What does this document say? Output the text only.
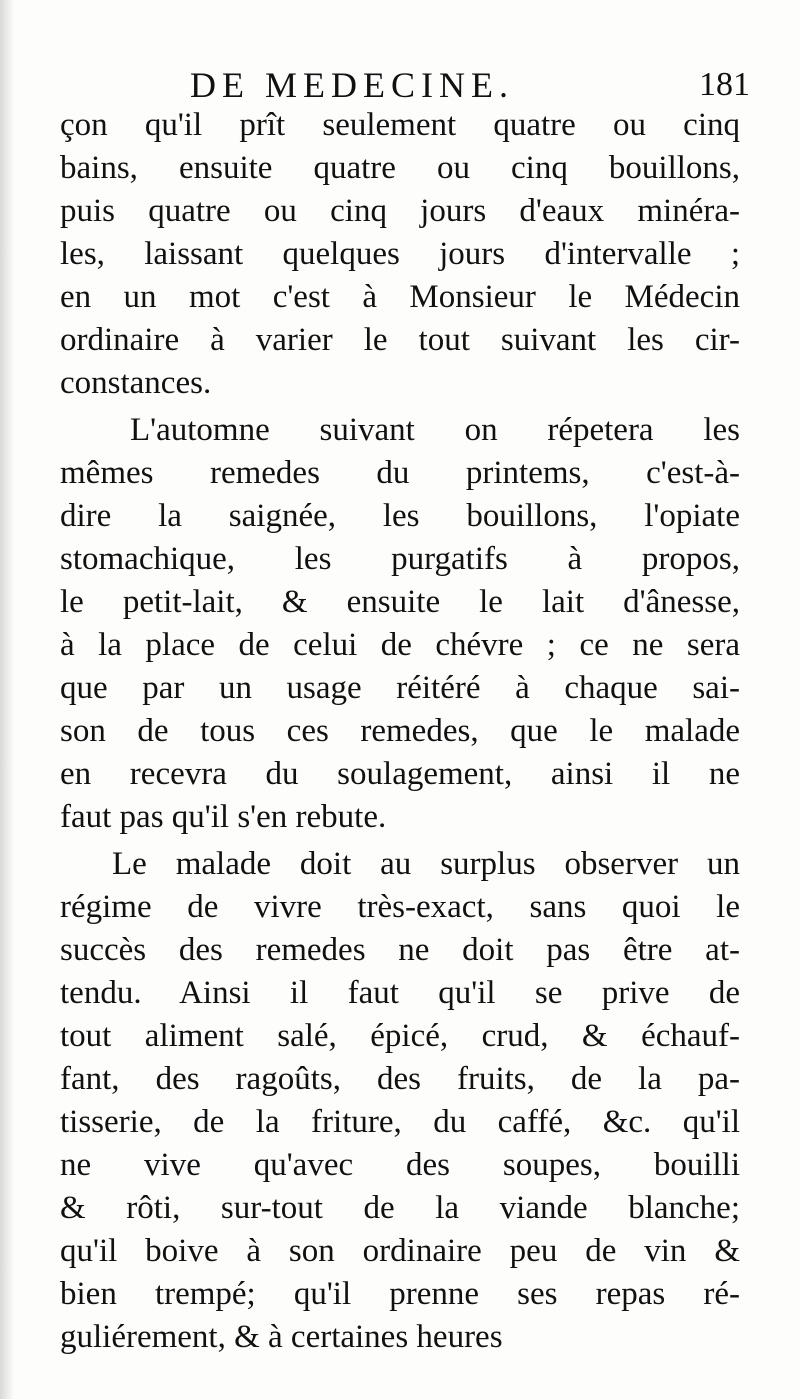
DE MEDECINE.	181
çon qu'il prît seulement quatre ou cinq
bains, ensuite quatre ou cinq bouillons,
puis quatre ou cinq jours d'eaux minéra-
les, laissant quelques jours d'intervalle ;
en un mot c'est à Monsieur le Médecin
ordinaire à varier le tout suivant les cir-
constances.
L'automne suivant on répetera les
mêmes remedes du printems, c'est-à-
dire la saignée, les bouillons, l'opiate
stomachique, les purgatifs à propos,
le petit-lait, & ensuite le lait d'ânesse,
à la place de celui de chévre ; ce ne sera
que par un usage réitéré à chaque sai-
son de tous ces remedes, que le malade
en recevra du soulagement, ainsi il ne
faut pas qu'il s'en rebute.
Le malade doit au surplus observer un
régime de vivre très-exact, sans quoi le
succès des remedes ne doit pas être at-
tendu. Ainsi il faut qu'il se prive de
tout aliment salé, épicé, crud, & échauf-
fant, des ragoûts, des fruits, de la pa-
tisserie, de la friture, du caffé, &c. qu'il
ne vive qu'avec des soupes, bouilli
& rôti, sur-tout de la viande blanche;
qu'il boive à son ordinaire peu de vin &
bien trempé; qu'il prenne ses repas ré-
guliérement, & à certaines heures
